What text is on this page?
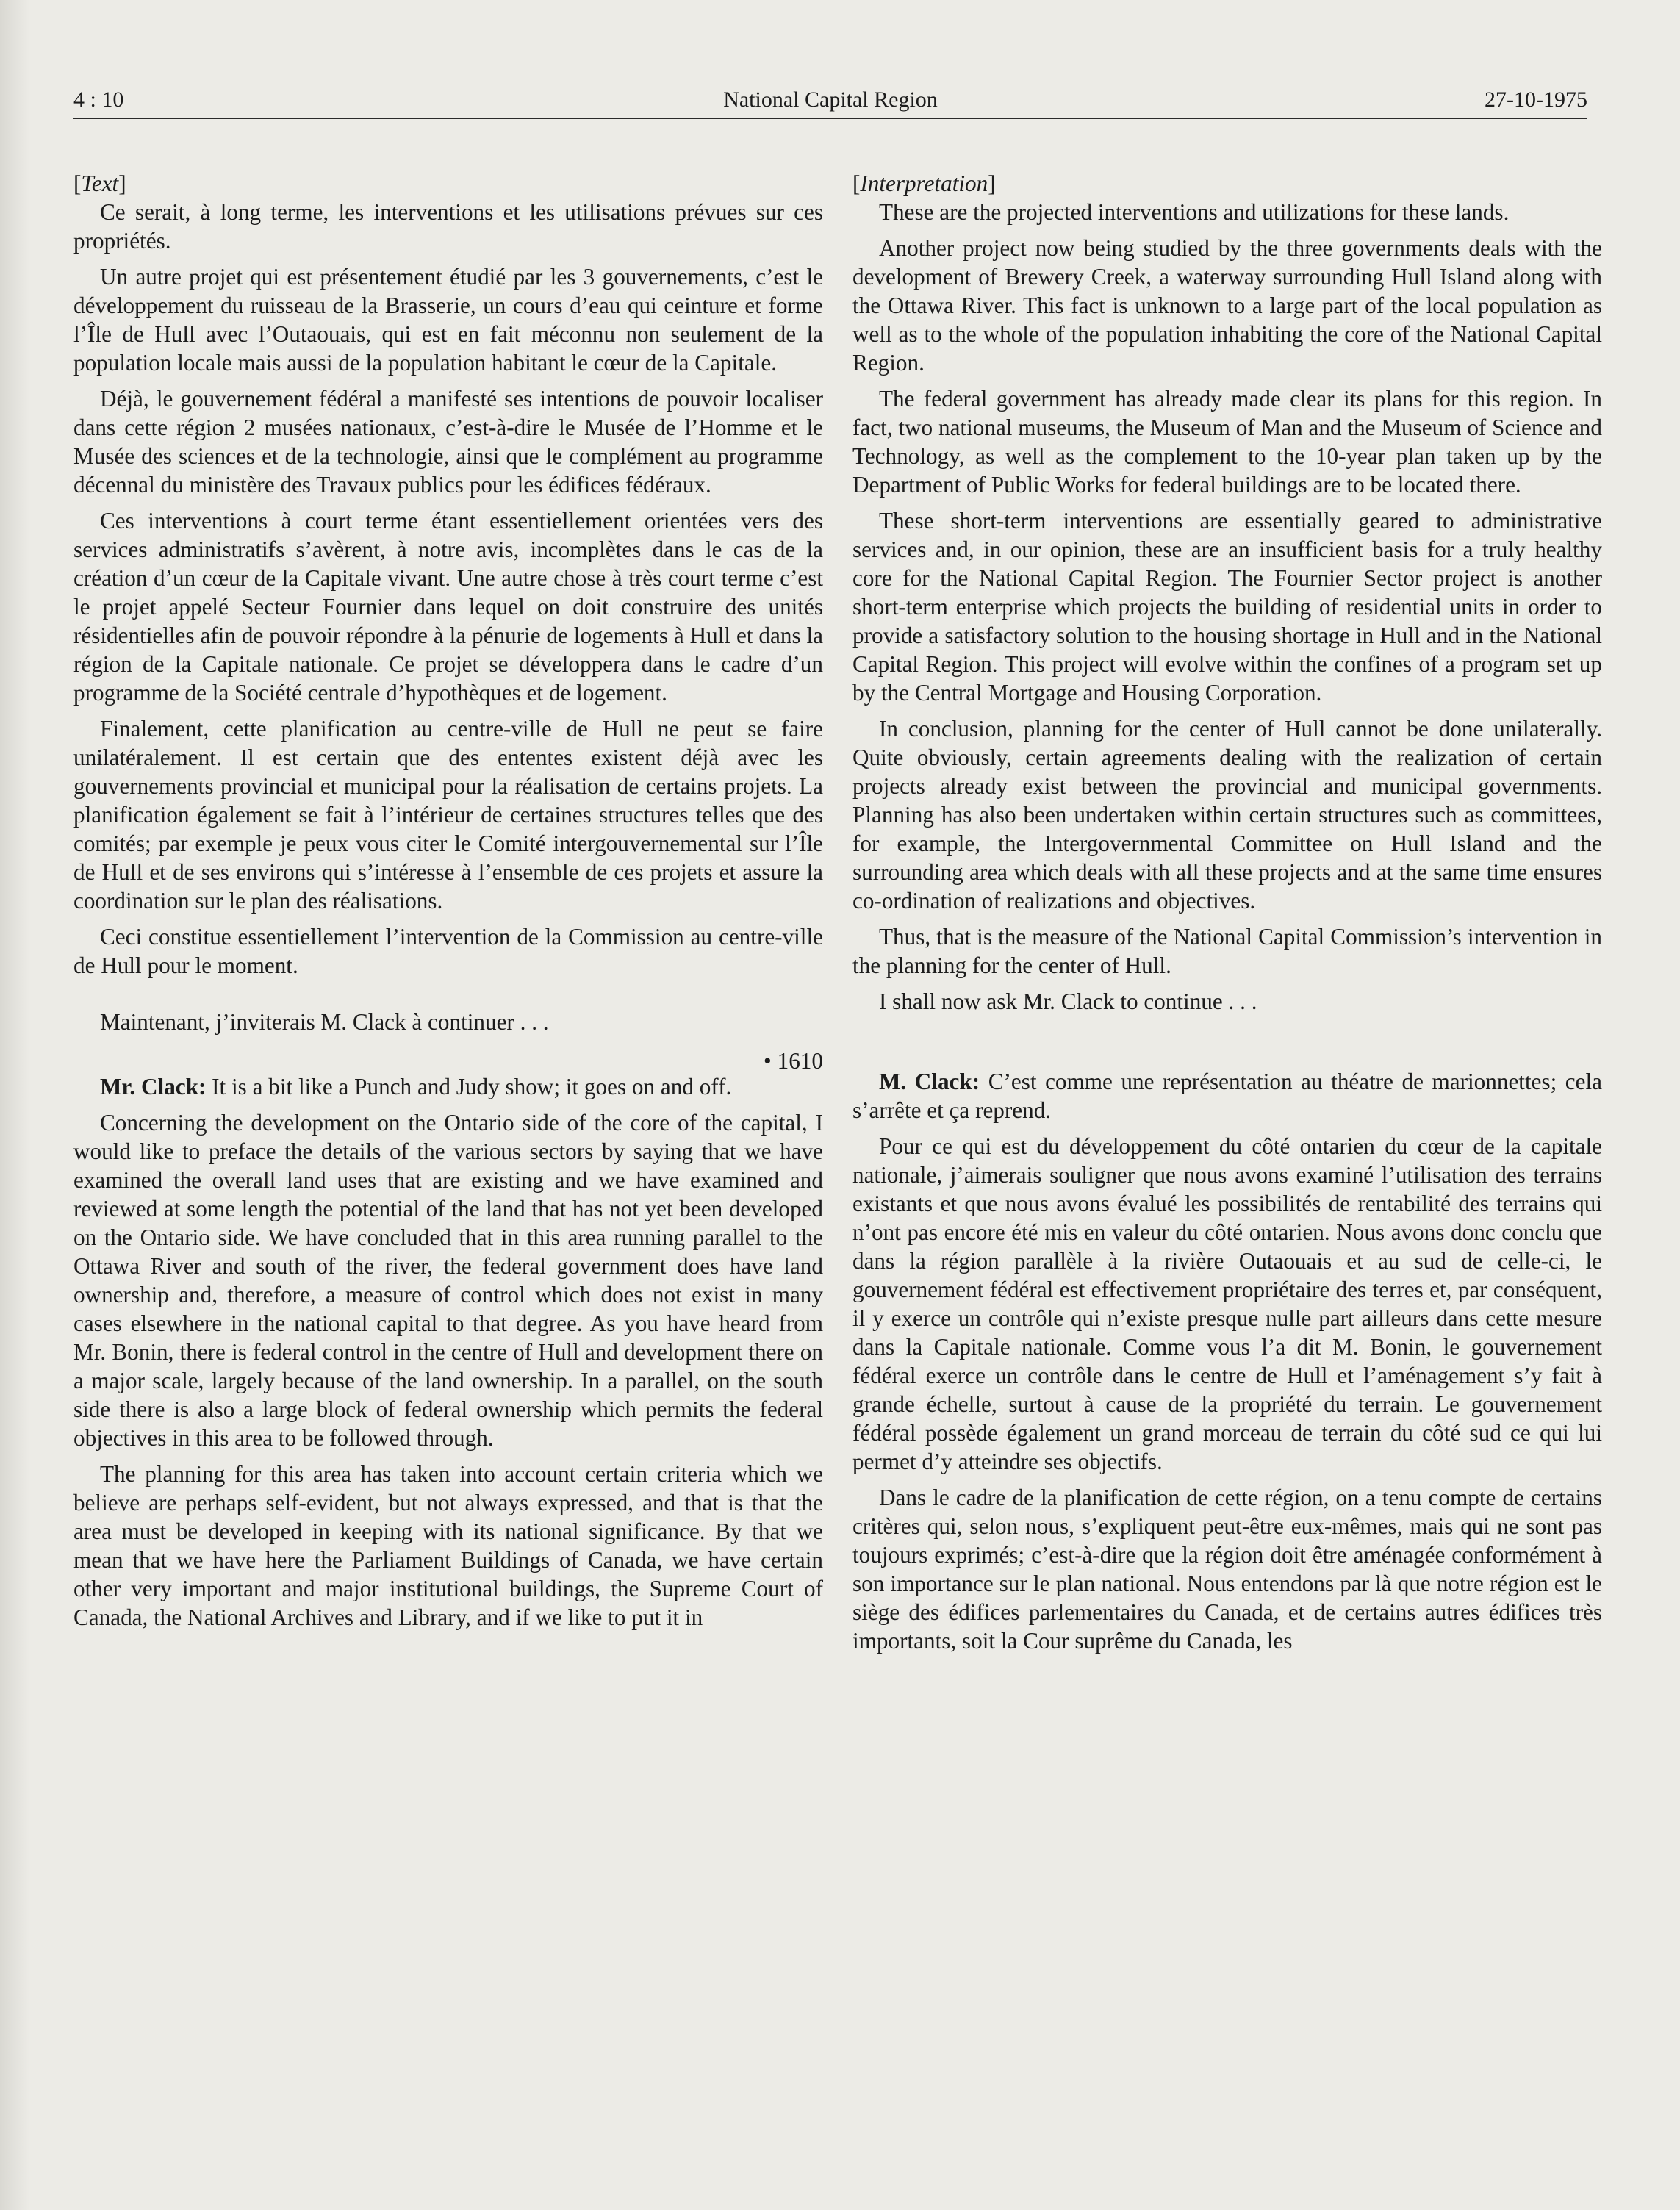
4 : 10	National Capital Region	27-10-1975

[Text]

Ce serait, à long terme, les interventions et les utilisations prévues sur ces propriétés.

Un autre projet qui est présentement étudié par les 3 gouvernements, c’est le développement du ruisseau de la Brasserie, un cours d’eau qui ceinture et forme l’Île de Hull avec l’Outaouais, qui est en fait méconnu non seulement de la population locale mais aussi de la population habitant le cœur de la Capitale.

Déjà, le gouvernement fédéral a manifesté ses intentions de pouvoir localiser dans cette région 2 musées nationaux, c’est-à-dire le Musée de l’Homme et le Musée des sciences et de la technologie, ainsi que le complément au programme décennal du ministère des Travaux publics pour les édifices fédéraux.

Ces interventions à court terme étant essentiellement orientées vers des services administratifs s’avèrent, à notre avis, incomplètes dans le cas de la création d’un cœur de la Capitale vivant. Une autre chose à très court terme c’est le projet appelé Secteur Fournier dans lequel on doit construire des unités résidentielles afin de pouvoir répondre à la pénurie de logements à Hull et dans la région de la Capitale nationale. Ce projet se développera dans le cadre d’un programme de la Société centrale d’hypothèques et de logement.

Finalement, cette planification au centre-ville de Hull ne peut se faire unilatéralement. Il est certain que des ententes existent déjà avec les gouvernements provincial et municipal pour la réalisation de certains projets. La planification également se fait à l’intérieur de certaines structures telles que des comités; par exemple je peux vous citer le Comité intergouvernemental sur l’Île de Hull et de ses environs qui s’intéresse à l’ensemble de ces projets et assure la coordination sur le plan des réalisations.

Ceci constitue essentiellement l’intervention de la Commission au centre-ville de Hull pour le moment.

Maintenant, j’inviterais M. Clack à continuer . . .

• 1610

Mr. Clack: It is a bit like a Punch and Judy show; it goes on and off.

Concerning the development on the Ontario side of the core of the capital, I would like to preface the details of the various sectors by saying that we have examined the overall land uses that are existing and we have examined and reviewed at some length the potential of the land that has not yet been developed on the Ontario side. We have concluded that in this area running parallel to the Ottawa River and south of the river, the federal government does have land ownership and, therefore, a measure of control which does not exist in many cases elsewhere in the national capital to that degree. As you have heard from Mr. Bonin, there is federal control in the centre of Hull and development there on a major scale, largely because of the land ownership. In a parallel, on the south side there is also a large block of federal ownership which permits the federal objectives in this area to be followed through.

The planning for this area has taken into account certain criteria which we believe are perhaps self-evident, but not always expressed, and that is that the area must be developed in keeping with its national significance. By that we mean that we have here the Parliament Buildings of Canada, we have certain other very important and major institutional buildings, the Supreme Court of Canada, the National Archives and Library, and if we like to put it in

[Interpretation]

These are the projected interventions and utilizations for these lands.

Another project now being studied by the three governments deals with the development of Brewery Creek, a waterway surrounding Hull Island along with the Ottawa River. This fact is unknown to a large part of the local population as well as to the whole of the population inhabiting the core of the National Capital Region.

The federal government has already made clear its plans for this region. In fact, two national museums, the Museum of Man and the Museum of Science and Technology, as well as the complement to the 10-year plan taken up by the Department of Public Works for federal buildings are to be located there.

These short-term interventions are essentially geared to administrative services and, in our opinion, these are an insufficient basis for a truly healthy core for the National Capital Region. The Fournier Sector project is another short-term enterprise which projects the building of residential units in order to provide a satisfactory solution to the housing shortage in Hull and in the National Capital Region. This project will evolve within the confines of a program set up by the Central Mortgage and Housing Corporation.

In conclusion, planning for the center of Hull cannot be done unilaterally. Quite obviously, certain agreements dealing with the realization of certain projects already exist between the provincial and municipal governments. Planning has also been undertaken within certain structures such as committees, for example, the Intergovernmental Committee on Hull Island and the surrounding area which deals with all these projects and at the same time ensures co-ordination of realizations and objectives.

Thus, that is the measure of the National Capital Commission’s intervention in the planning for the center of Hull.

I shall now ask Mr. Clack to continue . . .

M. Clack: C’est comme une représentation au théatre de marionnettes; cela s’arrête et ça reprend.

Pour ce qui est du développement du côté ontarien du cœur de la capitale nationale, j’aimerais souligner que nous avons examiné l’utilisation des terrains existants et que nous avons évalué les possibilités de rentabilité des terrains qui n’ont pas encore été mis en valeur du côté ontarien. Nous avons donc conclu que dans la région parallèle à la rivière Outaouais et au sud de celle-ci, le gouvernement fédéral est effectivement propriétaire des terres et, par conséquent, il y exerce un contrôle qui n’existe presque nulle part ailleurs dans cette mesure dans la Capitale nationale. Comme vous l’a dit M. Bonin, le gouvernement fédéral exerce un contrôle dans le centre de Hull et l’aménagement s’y fait à grande échelle, surtout à cause de la propriété du terrain. Le gouvernement fédéral possède également un grand morceau de terrain du côté sud ce qui lui permet d’y atteindre ses objectifs.

Dans le cadre de la planification de cette région, on a tenu compte de certains critères qui, selon nous, s’expliquent peut-être eux-mêmes, mais qui ne sont pas toujours exprimés; c’est-à-dire que la région doit être aménagée conformément à son importance sur le plan national. Nous entendons par là que notre région est le siège des édifices parlementaires du Canada, et de certains autres édifices très importants, soit la Cour suprême du Canada, les
